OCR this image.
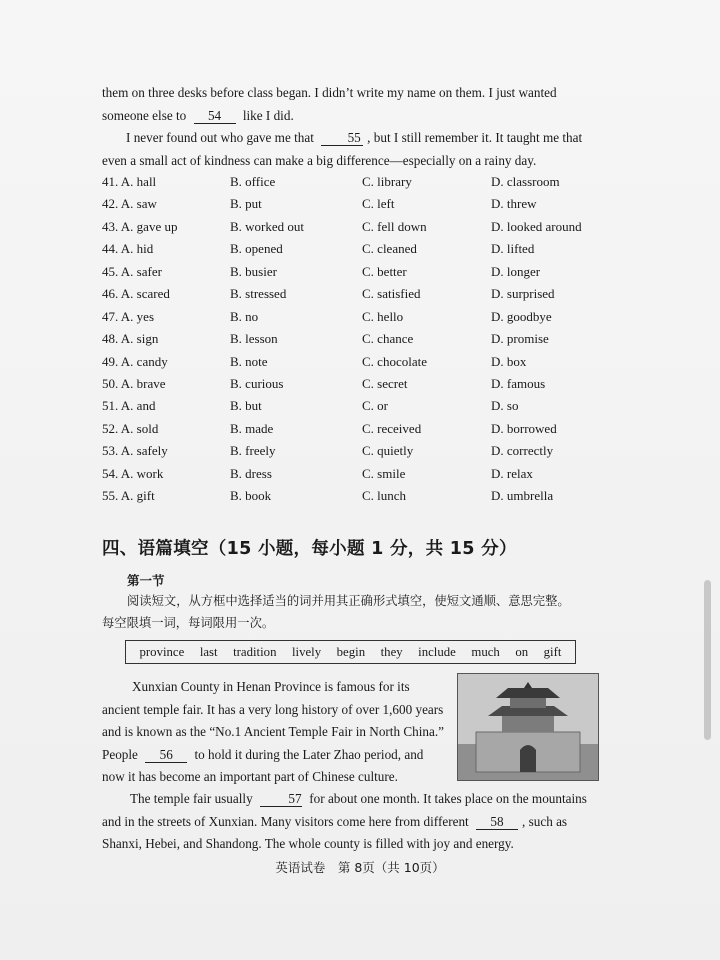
them on three desks before class began. I didn’t write my name on them. I just wanted
someone else to 54 like I did.
I never found out who gave me that	55 , but I still remember it. It taught me that
even a small act of kindness can make a big difference—especially on a rainy day.
41. A. hall	B. office	C. library	D. classroom
42. A. saw	B. put	C. left	D. threw
43. A. gave up	B. worked out	C. fell down	D. looked around
44. A. hid	B. opened	C. cleaned	D. lifted
45. A. safer	B. busier	C. better	D. longer
46. A. scared	B. stressed	C. satisfied	D. surprised
47. A. yes	B. no	C. hello	D. goodbye
48. A. sign	B. lesson	C. chance	D. promise
49. A. candy	B. note	C. chocolate	D. box
50. A. brave	B. curious	C. secret	D. famous
51. A. and	B. but	C. or	D. so
52. A. sold	B. made	C. received	D. borrowed
53. A. safely	B. freely	C. quietly	D. correctly
54. A. work	B. dress	C. smile	D. relax
55. A. gift	B. book	C. lunch	D. umbrella
四、语篇填空（15 小题，每小题 1 分，共 15 分）
第一节
阅读短文，从方框中选择适当的词并用其正确形式填空，使短文通顺、意思完整。
每空限填一词，每词限用一次。
province last tradition lively begin they include much on gift
Xunxian County in Henan Province is famous for its
ancient temple fair. It has a very long history of over 1,600 years
and is known as the “No.1 Ancient Temple Fair in North China.”
People 56 to hold it during the Later Zhao period, and
now it has become an important part of Chinese culture.
The temple fair usually	57 for about one month. It takes place on the mountains
and in the streets of Xunxian. Many visitors come here from different 58 , such as
Shanxi, Hebei, and Shandong. The whole county is filled with joy and energy.
英语试卷　第 8页（共 10页）
